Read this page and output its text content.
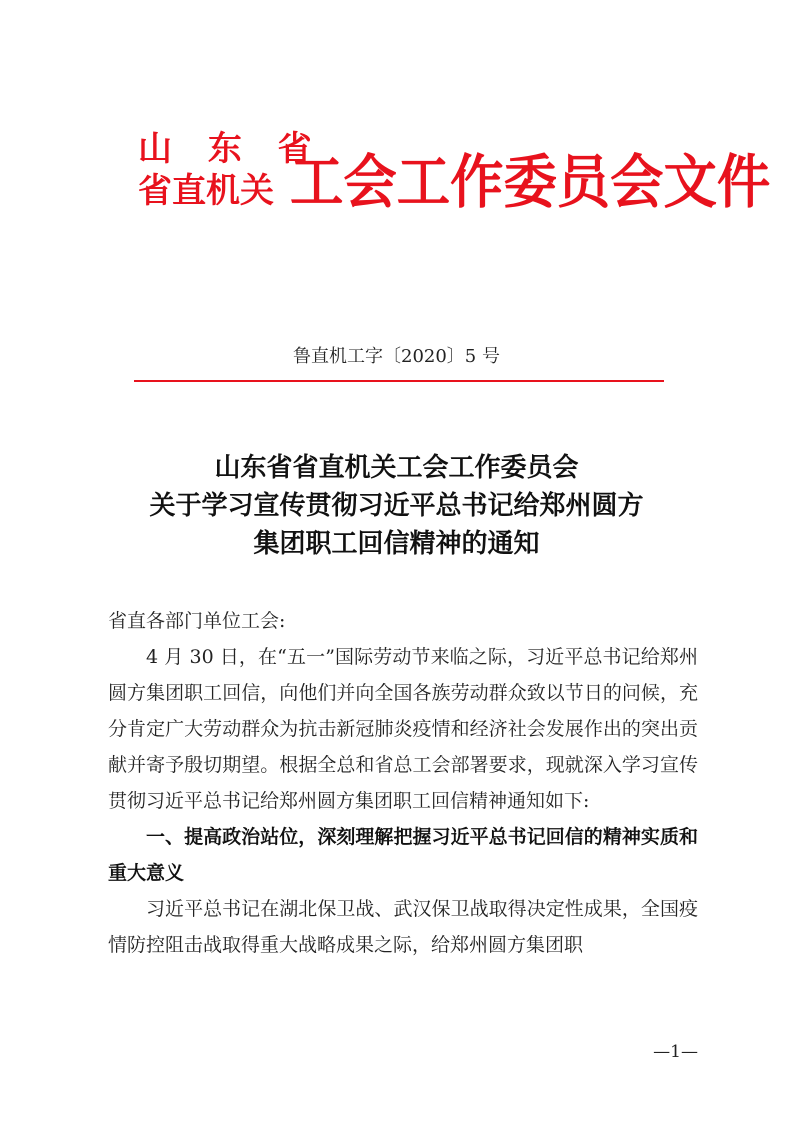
山 东 省
省直机关 工会工作委员会文件
鲁直机工字〔2020〕5 号
山东省省直机关工会工作委员会
关于学习宣传贯彻习近平总书记给郑州圆方
集团职工回信精神的通知

省直各部门单位工会:

4 月 30 日，在“五一”国际劳动节来临之际，习近平总书记给郑州圆方集团职工回信，向他们并向全国各族劳动群众致以节日的问候，充分肯定广大劳动群众为抗击新冠肺炎疫情和经济社会发展作出的突出贡献并寄予殷切期望。根据全总和省总工会部署要求，现就深入学习宣传贯彻习近平总书记给郑州圆方集团职工回信精神通知如下:

一、提高政治站位，深刻理解把握习近平总书记回信的精神实质和重大意义

习近平总书记在湖北保卫战、武汉保卫战取得决定性成果，全国疫情防控阻击战取得重大战略成果之际，给郑州圆方集团职

—1—
